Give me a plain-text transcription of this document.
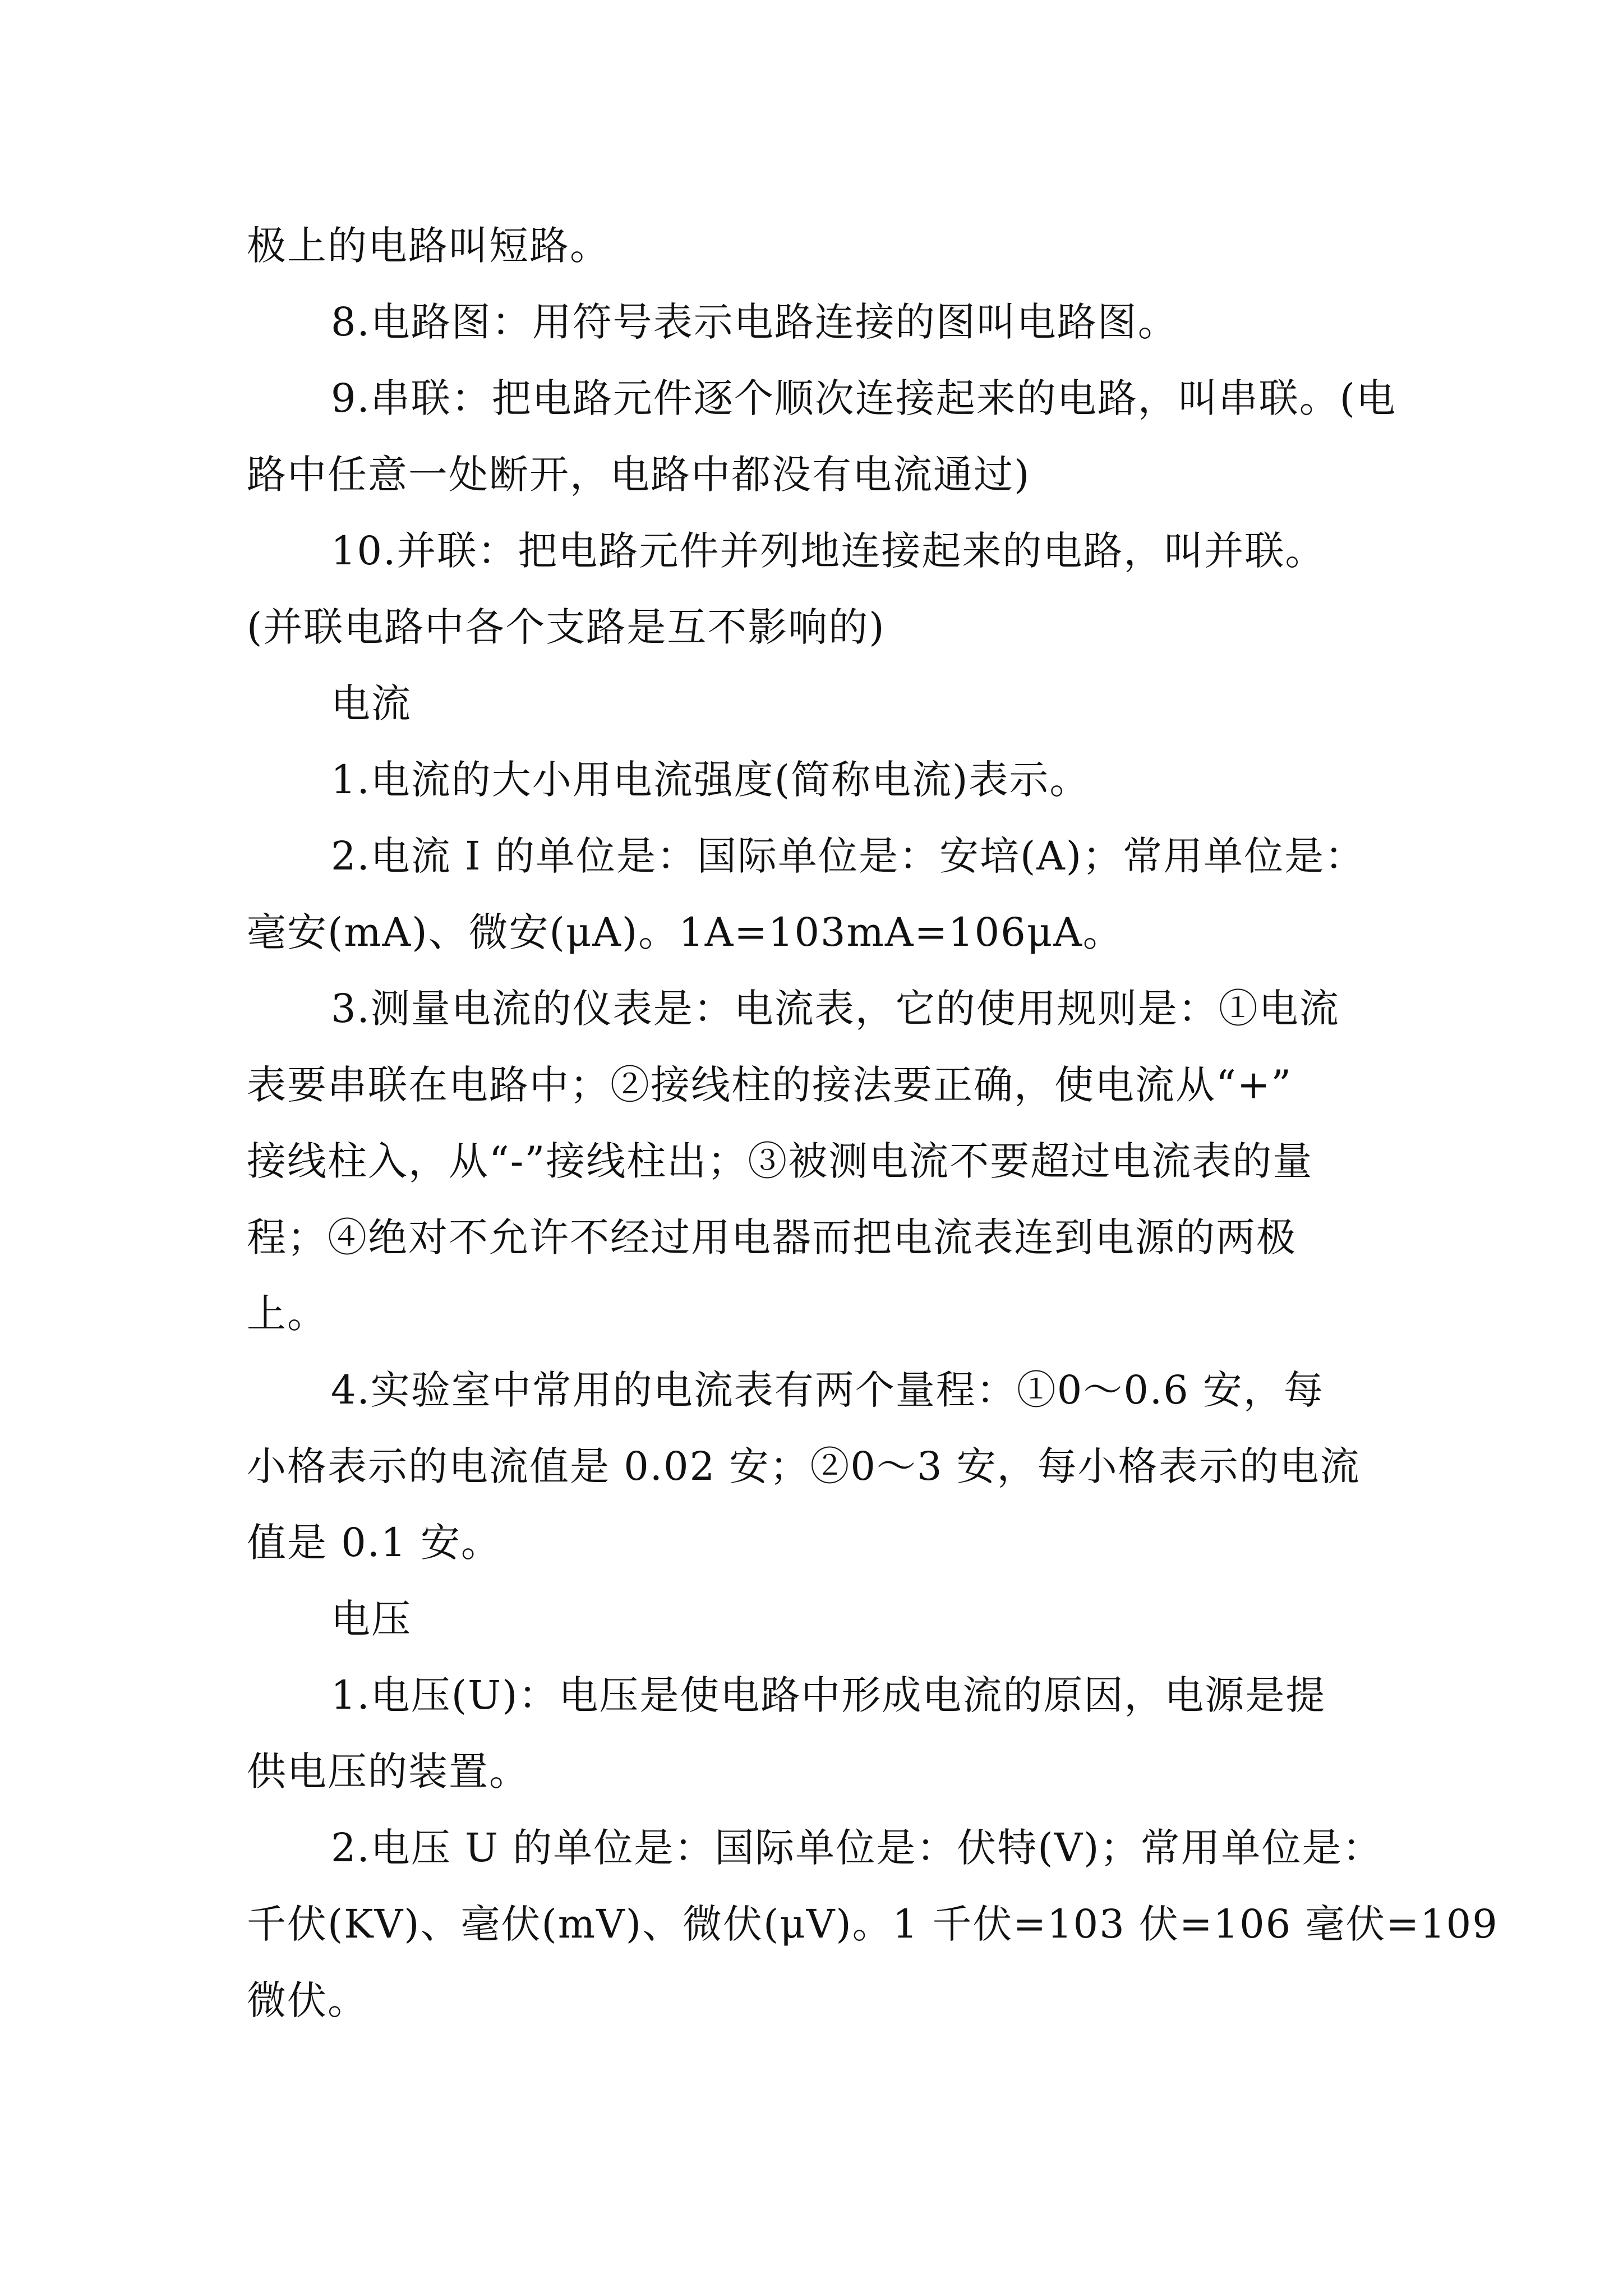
极上的电路叫短路。
8.电路图：用符号表示电路连接的图叫电路图。
9.串联：把电路元件逐个顺次连接起来的电路，叫串联。(电
路中任意一处断开，电路中都没有电流通过)
10.并联：把电路元件并列地连接起来的电路，叫并联。
(并联电路中各个支路是互不影响的)
电流
1.电流的大小用电流强度(简称电流)表示。
2.电流 I 的单位是：国际单位是：安培(A)；常用单位是：
毫安(mA)、微安(μA)。1A=103mA=106μA。
3.测量电流的仪表是：电流表，它的使用规则是：①电流
表要串联在电路中；②接线柱的接法要正确，使电流从“+”
接线柱入，从“-”接线柱出；③被测电流不要超过电流表的量
程；④绝对不允许不经过用电器而把电流表连到电源的两极
上。
4.实验室中常用的电流表有两个量程：①0～0.6 安，每
小格表示的电流值是 0.02 安；②0～3 安，每小格表示的电流
值是 0.1 安。
电压
1.电压(U)：电压是使电路中形成电流的原因，电源是提
供电压的装置。
2.电压 U 的单位是：国际单位是：伏特(V)；常用单位是：
千伏(KV)、毫伏(mV)、微伏(μV)。1 千伏=103 伏=106 毫伏=109
微伏。
